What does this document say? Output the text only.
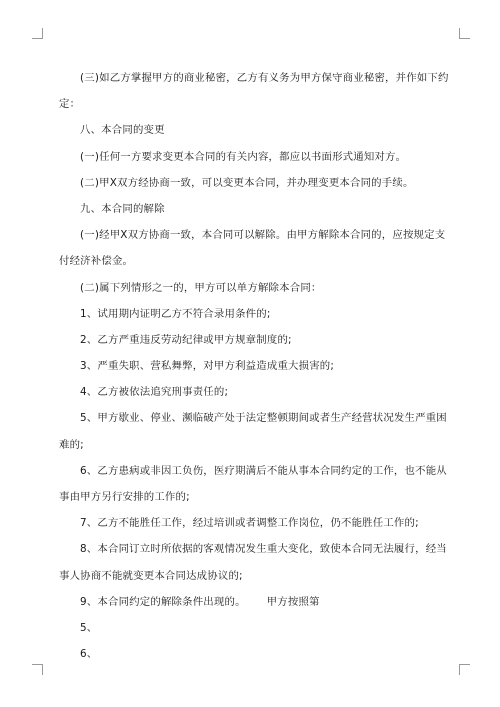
(三)如乙方掌握甲方的商业秘密，乙方有义务为甲方保守商业秘密，并作如下约
定：
八、本合同的变更
(一)任何一方要求变更本合同的有关内容，都应以书面形式通知对方。
(二)甲X双方经协商一致，可以变更本合同，并办理变更本合同的手续。
九、本合同的解除
(一)经甲X双方协商一致，本合同可以解除。由甲方解除本合同的，应按规定支
付经济补偿金。
(二)属下列情形之一的，甲方可以单方解除本合同：
1、试用期内证明乙方不符合录用条件的;
2、乙方严重违反劳动纪律或甲方规章制度的;
3、严重失职、营私舞弊，对甲方利益造成重大损害的;
4、乙方被依法追究刑事责任的;
5、甲方歇业、停业、濒临破产处于法定整顿期间或者生产经营状况发生严重困
难的;
6、乙方患病或非因工负伤，医疗期满后不能从事本合同约定的工作，也不能从
事由甲方另行安排的工作的;
7、乙方不能胜任工作，经过培训或者调整工作岗位，仍不能胜任工作的;
8、本合同订立时所依据的客观情况发生重大变化，致使本合同无法履行，经当
事人协商不能就变更本合同达成协议的;
9、本合同约定的解除条件出现的。      甲方按照第
5、
6、
